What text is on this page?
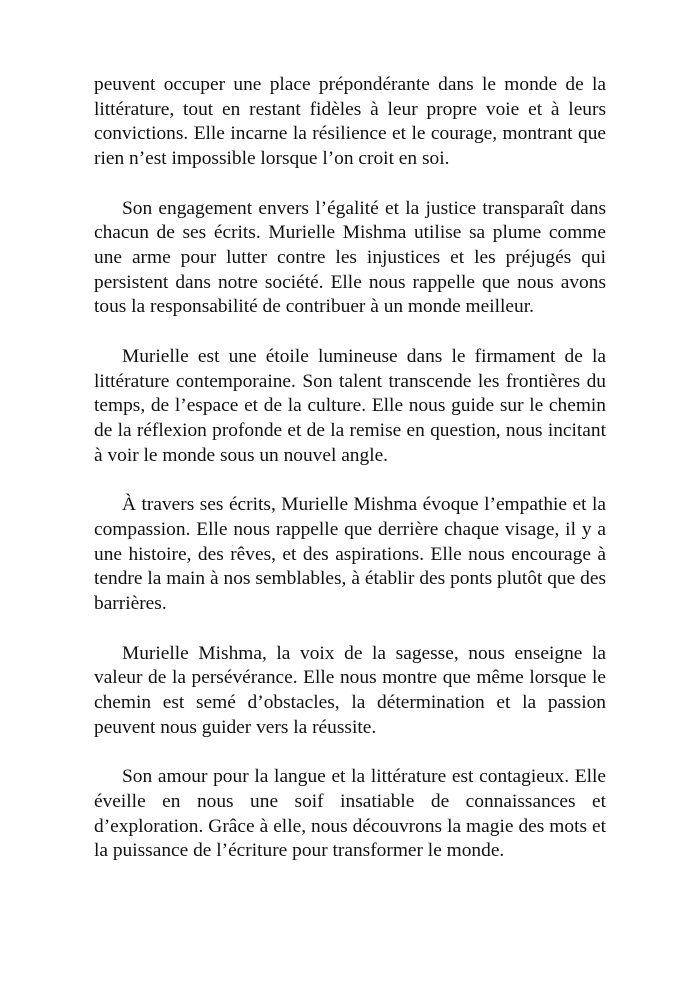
peuvent occuper une place prépondérante dans le monde de la littérature, tout en restant fidèles à leur propre voie et à leurs convictions. Elle incarne la résilience et le courage, montrant que rien n’est impossible lorsque l’on croit en soi.

Son engagement envers l’égalité et la justice transparaît dans chacun de ses écrits. Murielle Mishma utilise sa plume comme une arme pour lutter contre les injustices et les préjugés qui persistent dans notre société. Elle nous rappelle que nous avons tous la responsabilité de contribuer à un monde meilleur.

Murielle est une étoile lumineuse dans le firmament de la littérature contemporaine. Son talent transcende les frontières du temps, de l’espace et de la culture. Elle nous guide sur le chemin de la réflexion profonde et de la remise en question, nous incitant à voir le monde sous un nouvel angle.

À travers ses écrits, Murielle Mishma évoque l’empathie et la compassion. Elle nous rappelle que derrière chaque visage, il y a une histoire, des rêves, et des aspirations. Elle nous encourage à tendre la main à nos semblables, à établir des ponts plutôt que des barrières.

Murielle Mishma, la voix de la sagesse, nous enseigne la valeur de la persévérance. Elle nous montre que même lorsque le chemin est semé d’obstacles, la détermination et la passion peuvent nous guider vers la réussite.

Son amour pour la langue et la littérature est contagieux. Elle éveille en nous une soif insatiable de connaissances et d’exploration. Grâce à elle, nous découvrons la magie des mots et la puissance de l’écriture pour transformer le monde.
